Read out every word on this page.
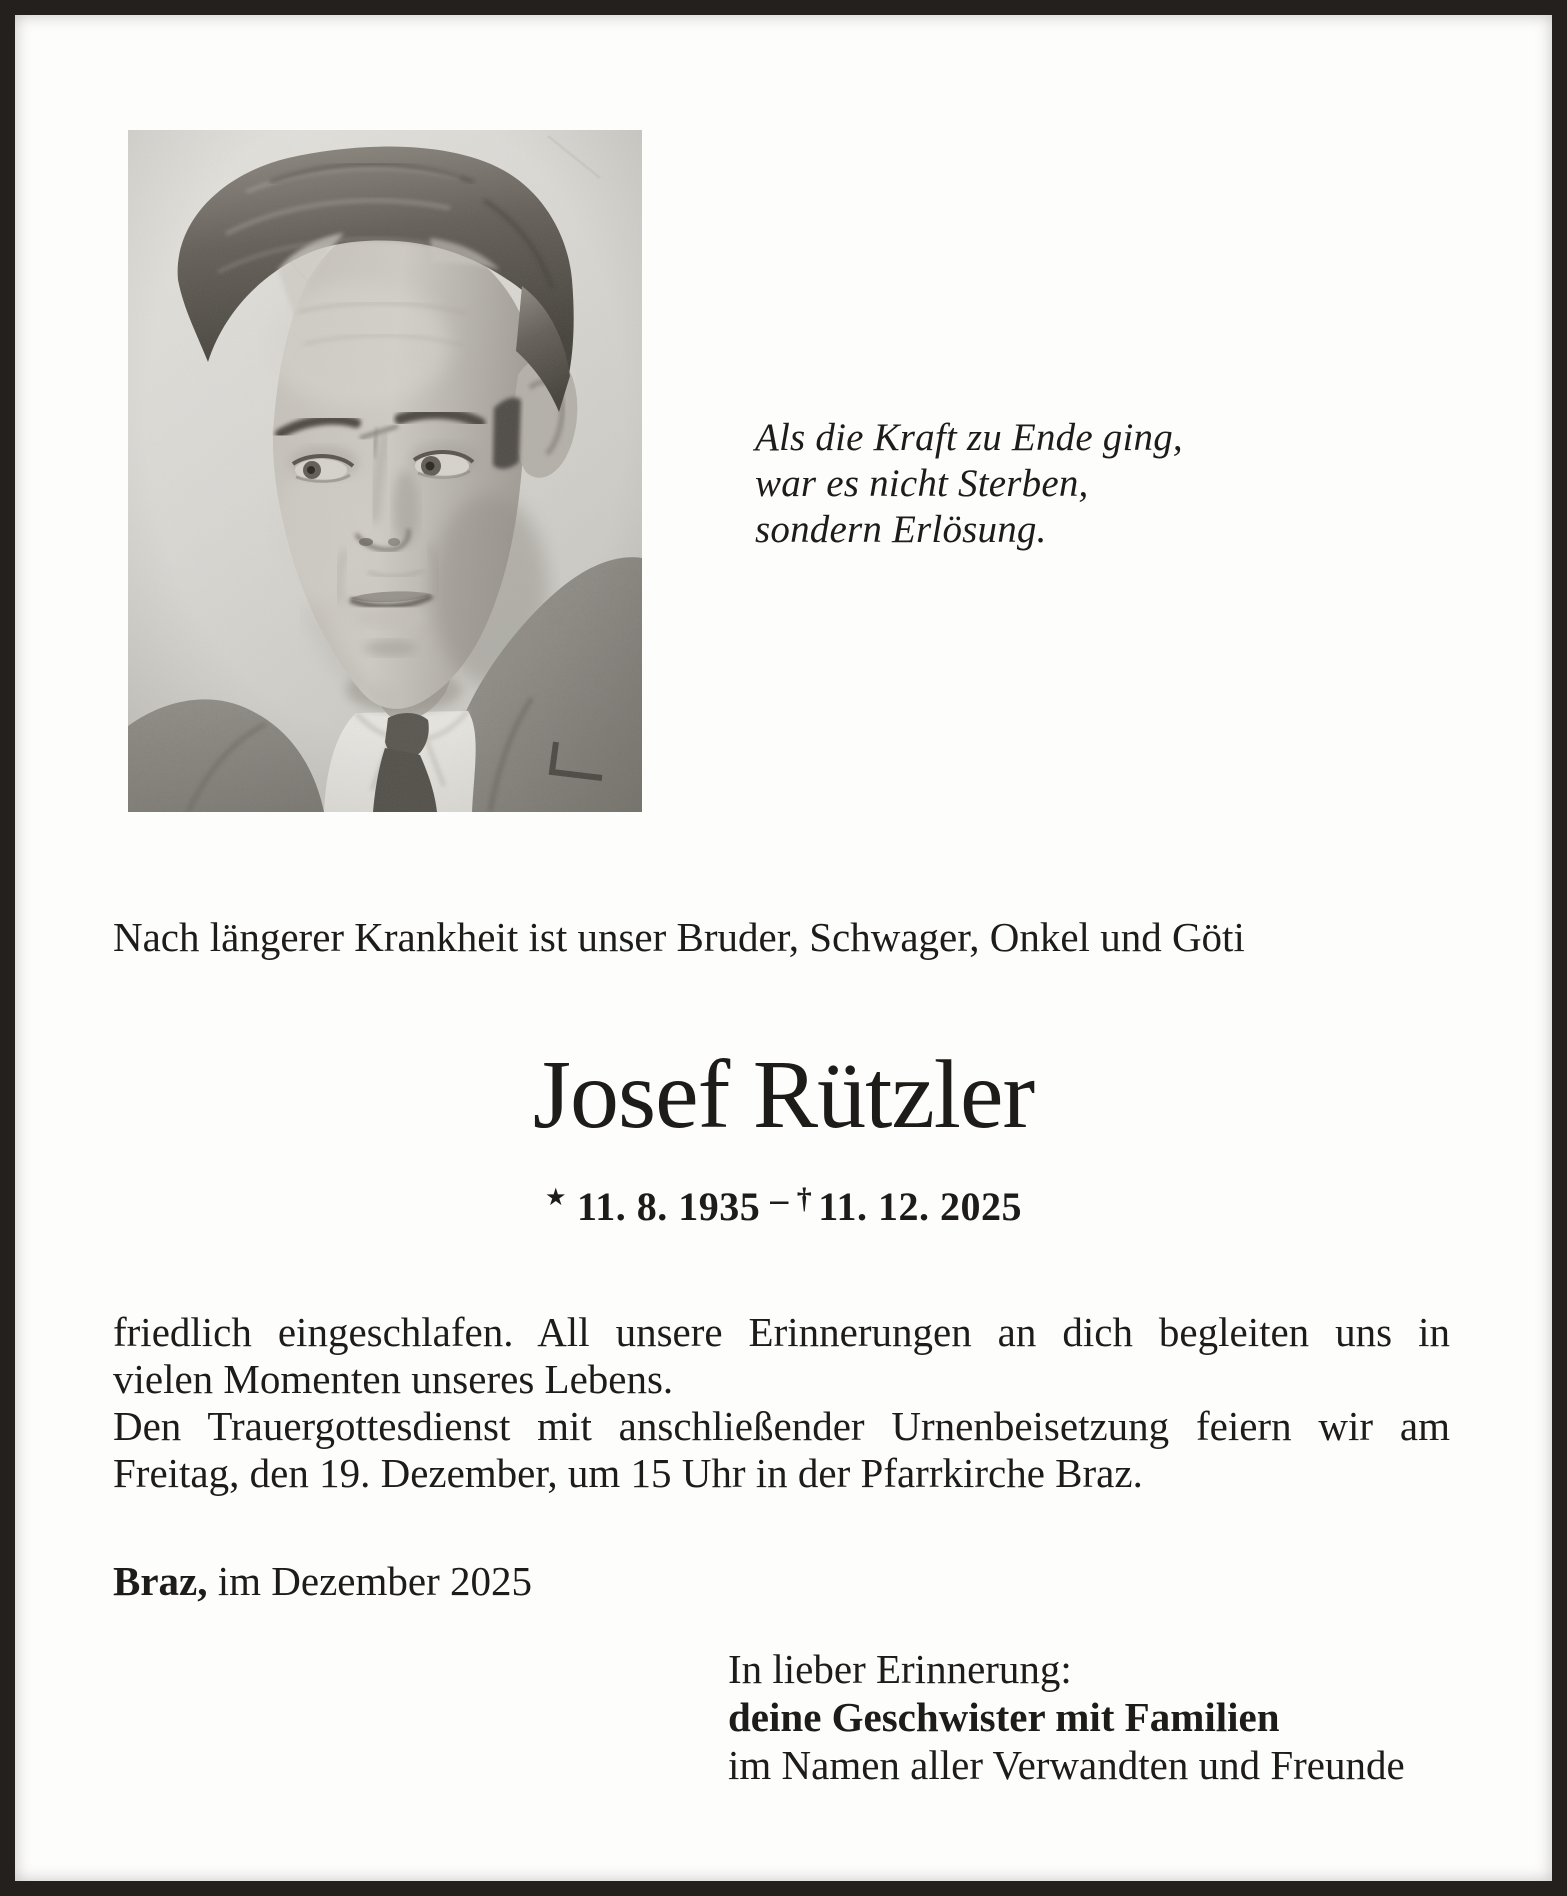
Als die Kraft zu Ende ging,
war es nicht Sterben,
sondern Erlösung.
Nach längerer Krankheit ist unser Bruder, Schwager, Onkel und Göti
Josef Rützler
★ 11. 8. 1935 – † 11. 12. 2025
friedlich eingeschlafen. All unsere Erinnerungen an dich begleiten uns in
vielen Momenten unseres Lebens.
Den Trauergottesdienst mit anschließender Urnenbeisetzung feiern wir am
Freitag, den 19. Dezember, um 15 Uhr in der Pfarrkirche Braz.
Braz, im Dezember 2025
In lieber Erinnerung:
deine Geschwister mit Familien
im Namen aller Verwandten und Freunde
